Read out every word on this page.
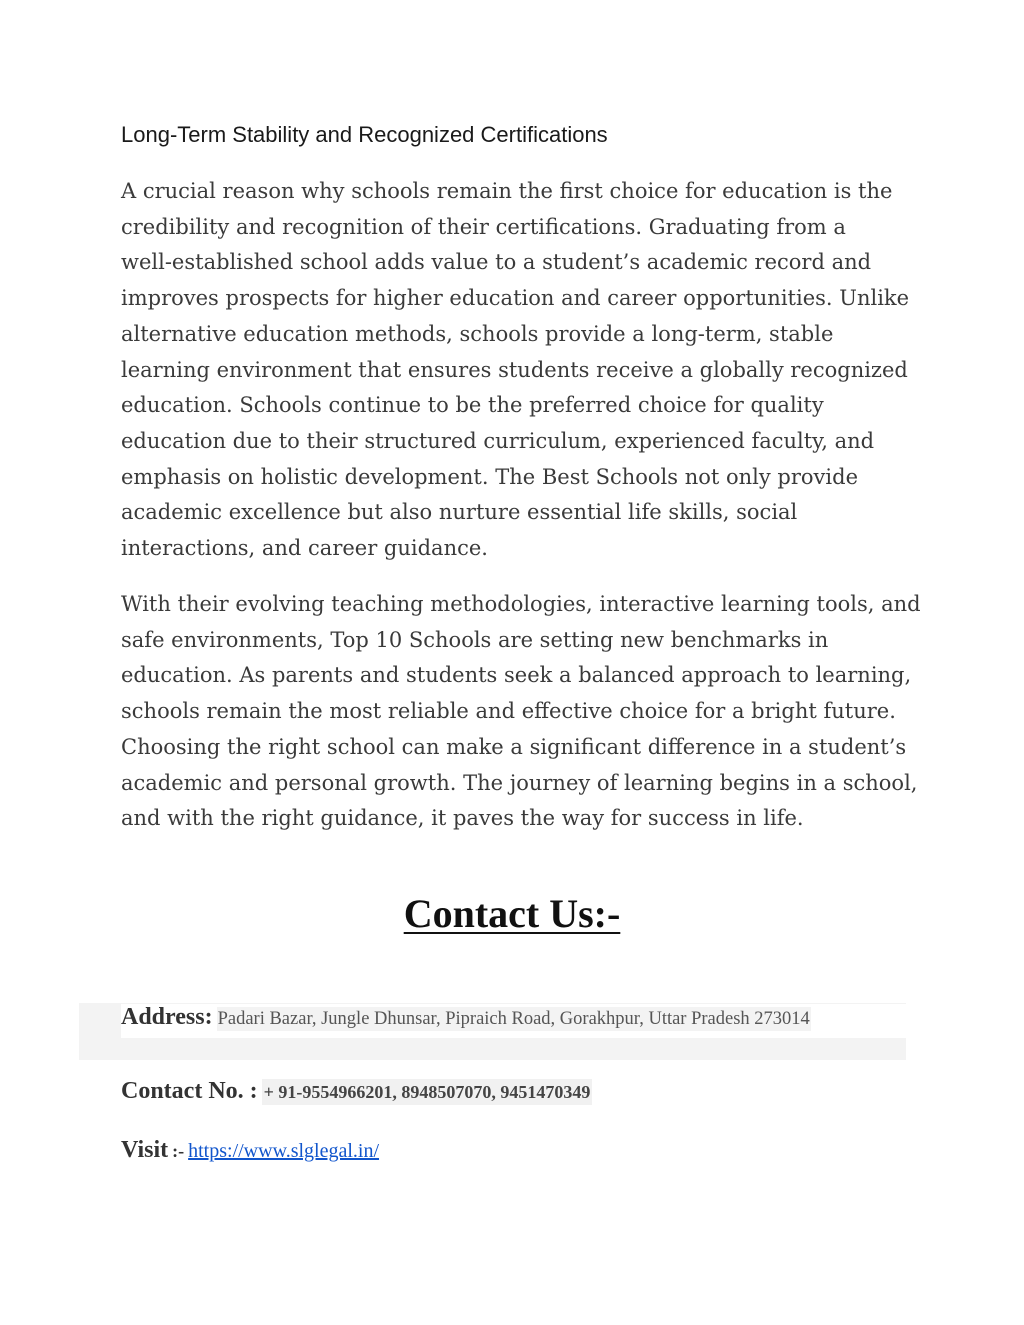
Long-Term Stability and Recognized Certifications

A crucial reason why schools remain the first choice for education is the
credibility and recognition of their certifications. Graduating from a
well-established school adds value to a student’s academic record and
improves prospects for higher education and career opportunities. Unlike
alternative education methods, schools provide a long-term, stable
learning environment that ensures students receive a globally recognized
education. Schools continue to be the preferred choice for quality
education due to their structured curriculum, experienced faculty, and
emphasis on holistic development. The Best Schools not only provide
academic excellence but also nurture essential life skills, social
interactions, and career guidance.

With their evolving teaching methodologies, interactive learning tools, and
safe environments, Top 10 Schools are setting new benchmarks in
education. As parents and students seek a balanced approach to learning,
schools remain the most reliable and effective choice for a bright future.
Choosing the right school can make a significant difference in a student’s
academic and personal growth. The journey of learning begins in a school,
and with the right guidance, it paves the way for success in life.

Contact Us:-
Address: Padari Bazar, Jungle Dhunsar, Pipraich Road, Gorakhpur, Uttar Pradesh 273014
Contact No. : + 91-9554966201, 8948507070, 9451470349
Visit :- https://www.slglegal.in/
